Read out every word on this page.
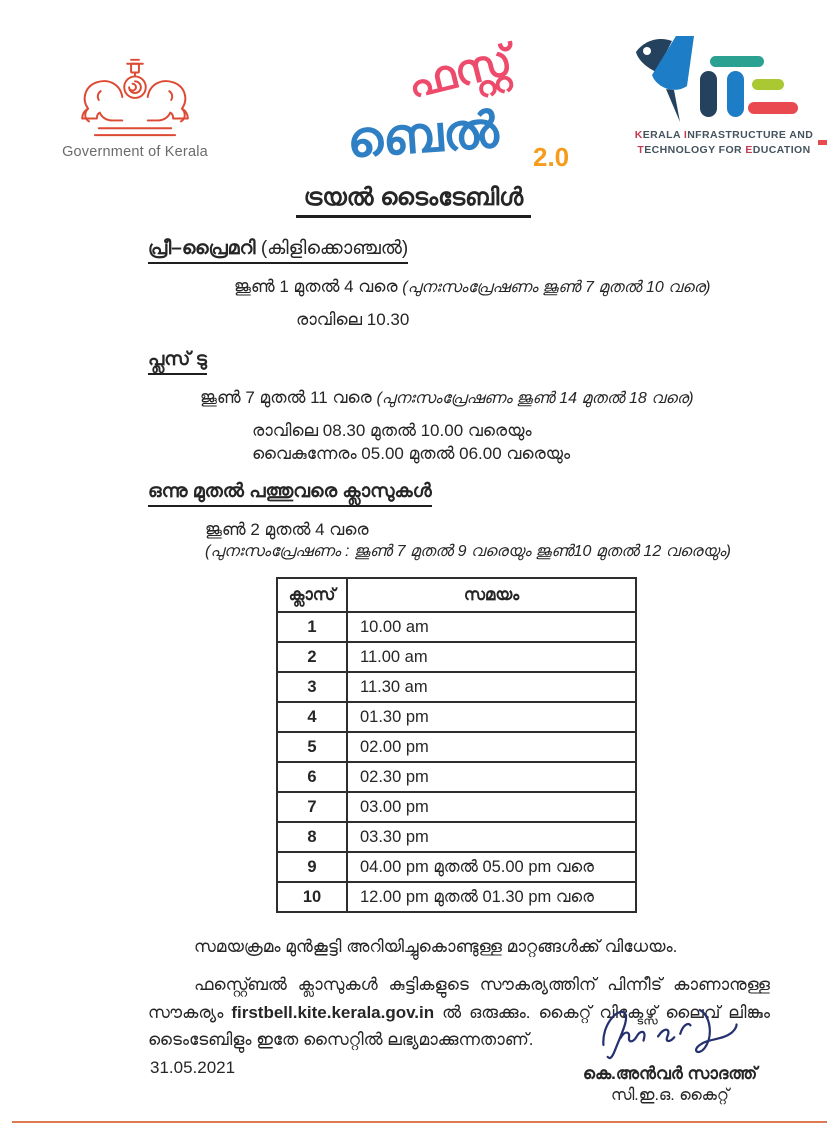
Government of Kerala
ഫസ്റ്റ്
ബെൽ 2.0
KERALA INFRASTRUCTURE AND
TECHNOLOGY FOR EDUCATION
ട്രയൽ ടൈംടേബിൾ
പ്രീ–പ്രൈമറി (കിളിക്കൊഞ്ചൽ)
ജൂൺ 1 മുതൽ 4 വരെ (പുനഃസംപ്രേഷണം ജൂൺ 7 മുതൽ 10 വരെ)
രാവിലെ 10.30
പ്ലസ് ടു
ജൂൺ 7 മുതൽ 11 വരെ (പുനഃസംപ്രേഷണം ജൂൺ 14 മുതൽ 18 വരെ)
രാവിലെ 08.30 മുതൽ 10.00 വരെയും
വൈകുന്നേരം 05.00 മുതൽ 06.00 വരെയും
ഒന്നു മുതൽ പത്തുവരെ ക്ലാസുകൾ
ജൂൺ 2 മുതൽ 4 വരെ
(പുനഃസംപ്രേഷണം : ജൂൺ 7 മുതൽ 9 വരെയും ജൂൺ10 മുതൽ 12 വരെയും)
ക്ലാസ്	സമയം
1	10.00 am
2	11.00 am
3	11.30 am
4	01.30 pm
5	02.00 pm
6	02.30 pm
7	03.00 pm
8	03.30 pm
9	04.00 pm മുതൽ 05.00 pm വരെ
10	12.00 pm മുതൽ 01.30 pm വരെ
സമയക്രമം മുൻകൂട്ടി അറിയിച്ചുകൊണ്ടുള്ള മാറ്റങ്ങൾക്ക് വിധേയം.
ഫസ്റ്റ്ബെൽ ക്ലാസുകൾ കുട്ടികളുടെ സൗകര്യത്തിന് പിന്നീട് കാണാനുള്ള സൗകര്യം firstbell.kite.kerala.gov.in ൽ ഒരുക്കും. കൈറ്റ് വിക്ടേഴ്സ് ലൈവ് ലിങ്കും ടൈംടേബിളും ഇതേ സൈറ്റിൽ ലഭ്യമാക്കുന്നതാണ്.
31.05.2021	കെ.അൻവർ സാദത്ത്
സി.ഇ.ഒ. കൈറ്റ്
